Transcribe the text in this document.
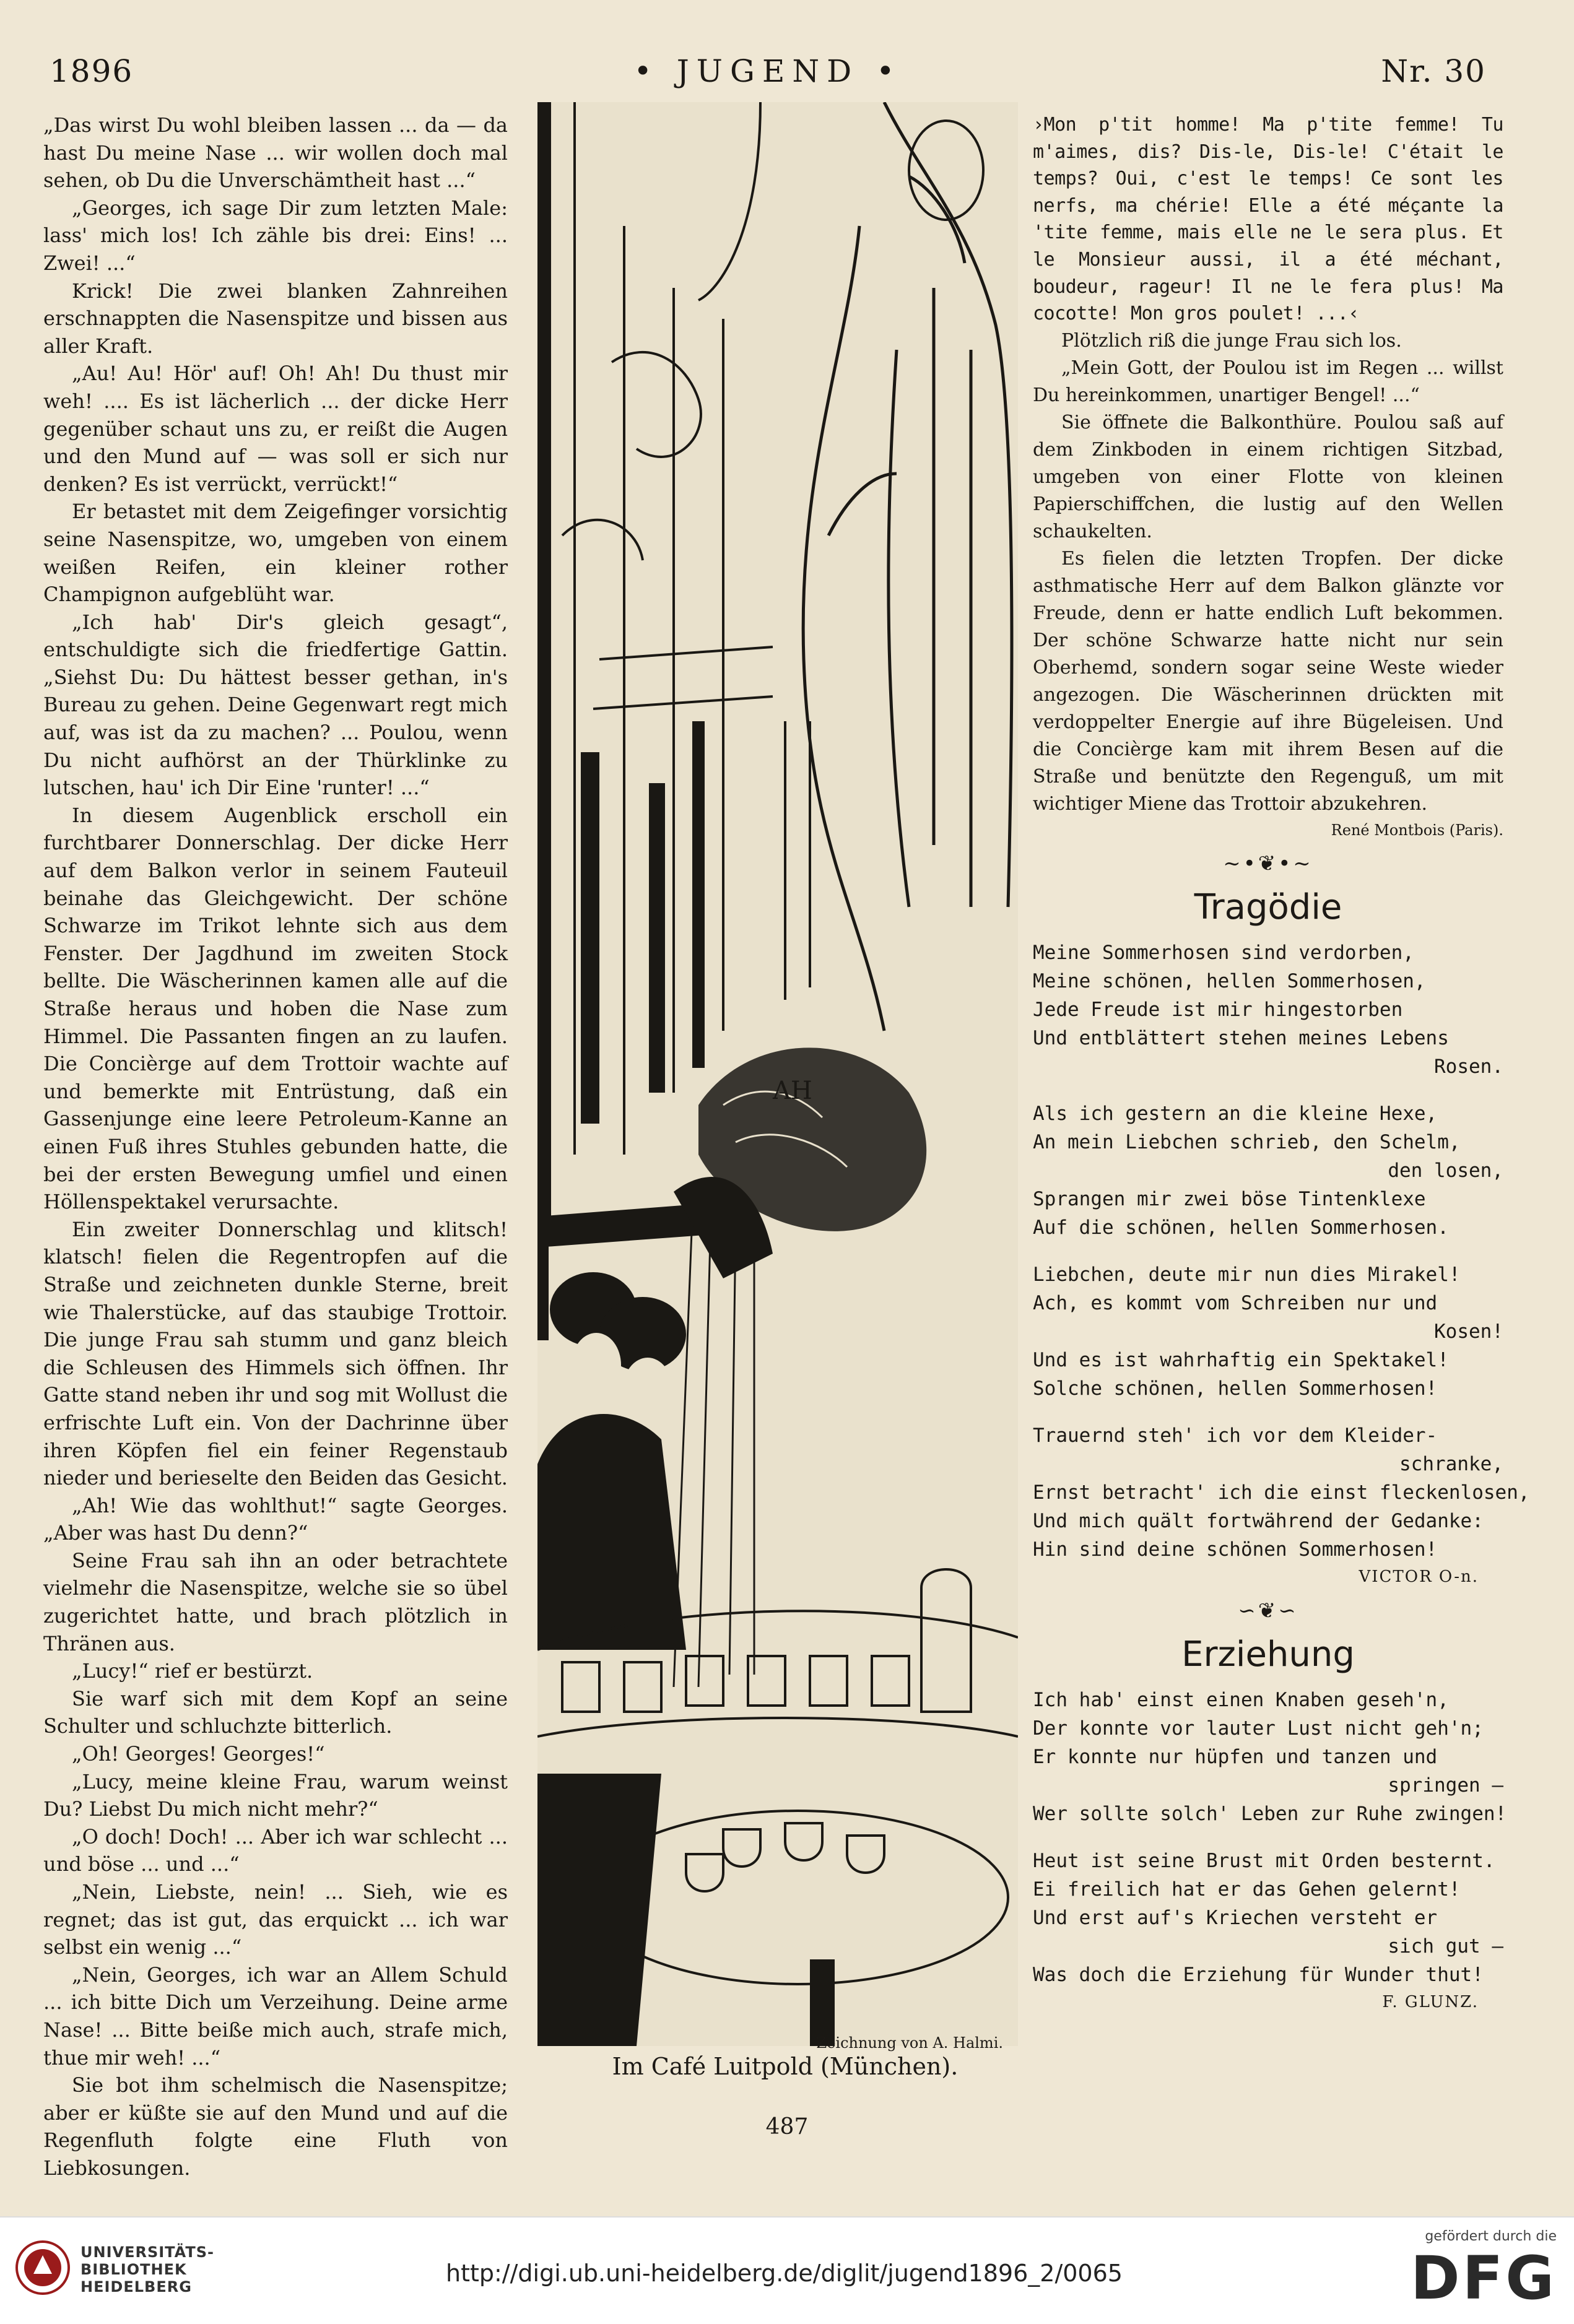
1896	• JUGEND •	Nr. 30

„Das wirst Du wohl bleiben lassen ... da — da hast Du meine Nase ... wir wollen doch mal sehen, ob Du die Unverschämtheit hast ...“

„Georges, ich sage Dir zum letzten Male: lass' mich los! Ich zähle bis drei: Eins! ... Zwei! ...“

Krick! Die zwei blanken Zahnreihen erschnappten die Nasenspitze und bissen aus aller Kraft.

„Au! Au! Hör' auf! Oh! Ah! Du thust mir weh! .... Es ist lächerlich ... der dicke Herr gegenüber schaut uns zu, er reißt die Augen und den Mund auf — was soll er sich nur denken? Es ist verrückt, verrückt!“

Er betastet mit dem Zeigefinger vorsichtig seine Nasenspitze, wo, umgeben von einem weißen Reifen, ein kleiner rother Champignon aufgeblüht war.

„Ich hab' Dir's gleich gesagt“, entschuldigte sich die friedfertige Gattin. „Siehst Du: Du hättest besser gethan, in's Bureau zu gehen. Deine Gegenwart regt mich auf, was ist da zu machen? ... Poulou, wenn Du nicht aufhörst an der Thürklinke zu lutschen, hau' ich Dir Eine 'runter! ...“

In diesem Augenblick erscholl ein furchtbarer Donnerschlag. Der dicke Herr auf dem Balkon verlor in seinem Fauteuil beinahe das Gleichgewicht. Der schöne Schwarze im Trikot lehnte sich aus dem Fenster. Der Jagdhund im zweiten Stock bellte. Die Wäscherinnen kamen alle auf die Straße heraus und hoben die Nase zum Himmel. Die Passanten fingen an zu laufen. Die Concièrge auf dem Trottoir wachte auf und bemerkte mit Entrüstung, daß ein Gassenjunge eine leere Petroleum-Kanne an einen Fuß ihres Stuhles gebunden hatte, die bei der ersten Bewegung umfiel und einen Höllenspektakel verursachte.

Ein zweiter Donnerschlag und klitsch! klatsch! fielen die Regentropfen auf die Straße und zeichneten dunkle Sterne, breit wie Thalerstücke, auf das staubige Trottoir. Die junge Frau sah stumm und ganz bleich die Schleusen des Himmels sich öffnen. Ihr Gatte stand neben ihr und sog mit Wollust die erfrischte Luft ein. Von der Dachrinne über ihren Köpfen fiel ein feiner Regenstaub nieder und berieselte den Beiden das Gesicht.

„Ah! Wie das wohlthut!“ sagte Georges. „Aber was hast Du denn?“

Seine Frau sah ihn an oder betrachtete vielmehr die Nasenspitze, welche sie so übel zugerichtet hatte, und brach plötzlich in Thränen aus.

„Lucy!“ rief er bestürzt.

Sie warf sich mit dem Kopf an seine Schulter und schluchzte bitterlich.

„Oh! Georges! Georges!“

„Lucy, meine kleine Frau, warum weinst Du? Liebst Du mich nicht mehr?“

„O doch! Doch! ... Aber ich war schlecht ... und böse ... und ...“

„Nein, Liebste, nein! ... Sieh, wie es regnet; das ist gut, das erquickt ... ich war selbst ein wenig ...“

„Nein, Georges, ich war an Allem Schuld ... ich bitte Dich um Verzeihung. Deine arme Nase! ... Bitte beiße mich auch, strafe mich, thue mir weh! ...“

Sie bot ihm schelmisch die Nasenspitze; aber er küßte sie auf den Mund und auf die Regenfluth folgte eine Fluth von Liebkosungen.

AH
Zeichnung von A. Halmi.
Im Café Luitpold (München).

›Mon p'tit homme! Ma p'tite femme! Tu m'aimes, dis? Dis-le, Dis-le! C'était le temps? Oui, c'est le temps! Ce sont les nerfs, ma chérie! Elle a été méçante la 'tite femme, mais elle ne le sera plus. Et le Monsieur aussi, il a été méchant, boudeur, rageur! Il ne le fera plus! Ma cocotte! Mon gros poulet! ...‹

Plötzlich riß die junge Frau sich los.

„Mein Gott, der Poulou ist im Regen ... willst Du hereinkommen, unartiger Bengel! ...“

Sie öffnete die Balkonthüre. Poulou saß auf dem Zinkboden in einem richtigen Sitzbad, umgeben von einer Flotte von kleinen Papierschiffchen, die lustig auf den Wellen schaukelten.

Es fielen die letzten Tropfen. Der dicke asthmatische Herr auf dem Balkon glänzte vor Freude, denn er hatte endlich Luft bekommen. Der schöne Schwarze hatte nicht nur sein Oberhemd, sondern sogar seine Weste wieder angezogen. Die Wäscherinnen drückten mit verdoppelter Energie auf ihre Bügeleisen. Und die Concièrge kam mit ihrem Besen auf die Straße und benützte den Regenguß, um mit wichtiger Miene das Trottoir abzukehren.

René Montbois (Paris).

~•❦•~
Tragödie
Meine Sommerhosen sind verdorben,
Meine schönen, hellen Sommerhosen,
Jede Freude ist mir hingestorben
Und entblättert stehen meines Lebens
Rosen.
Als ich gestern an die kleine Hexe,
An mein Liebchen schrieb, den Schelm,
den losen,
Sprangen mir zwei böse Tintenklexe
Auf die schönen, hellen Sommerhosen.
Liebchen, deute mir nun dies Mirakel!
Ach, es kommt vom Schreiben nur und
Kosen!
Und es ist wahrhaftig ein Spektakel!
Solche schönen, hellen Sommerhosen!
Trauernd steh' ich vor dem Kleider-
schranke,
Ernst betracht' ich die einst fleckenlosen,
Und mich quält fortwährend der Gedanke:
Hin sind deine schönen Sommerhosen!
VICTOR O-n.
∽❦∽
Erziehung
Ich hab' einst einen Knaben geseh'n,
Der konnte vor lauter Lust nicht geh'n;
Er konnte nur hüpfen und tanzen und
springen —
Wer sollte solch' Leben zur Ruhe zwingen!
Heut ist seine Brust mit Orden besternt.
Ei freilich hat er das Gehen gelernt!
Und erst auf's Kriechen versteht er
sich gut —
Was doch die Erziehung für Wunder thut!
F. GLUNZ.
487
UNIVERSITÄTS-
BIBLIOTHEK
HEIDELBERG	http://digi.ub.uni-heidelberg.de/diglit/jugend1896_2/0065
gefördert durch die
DFG
